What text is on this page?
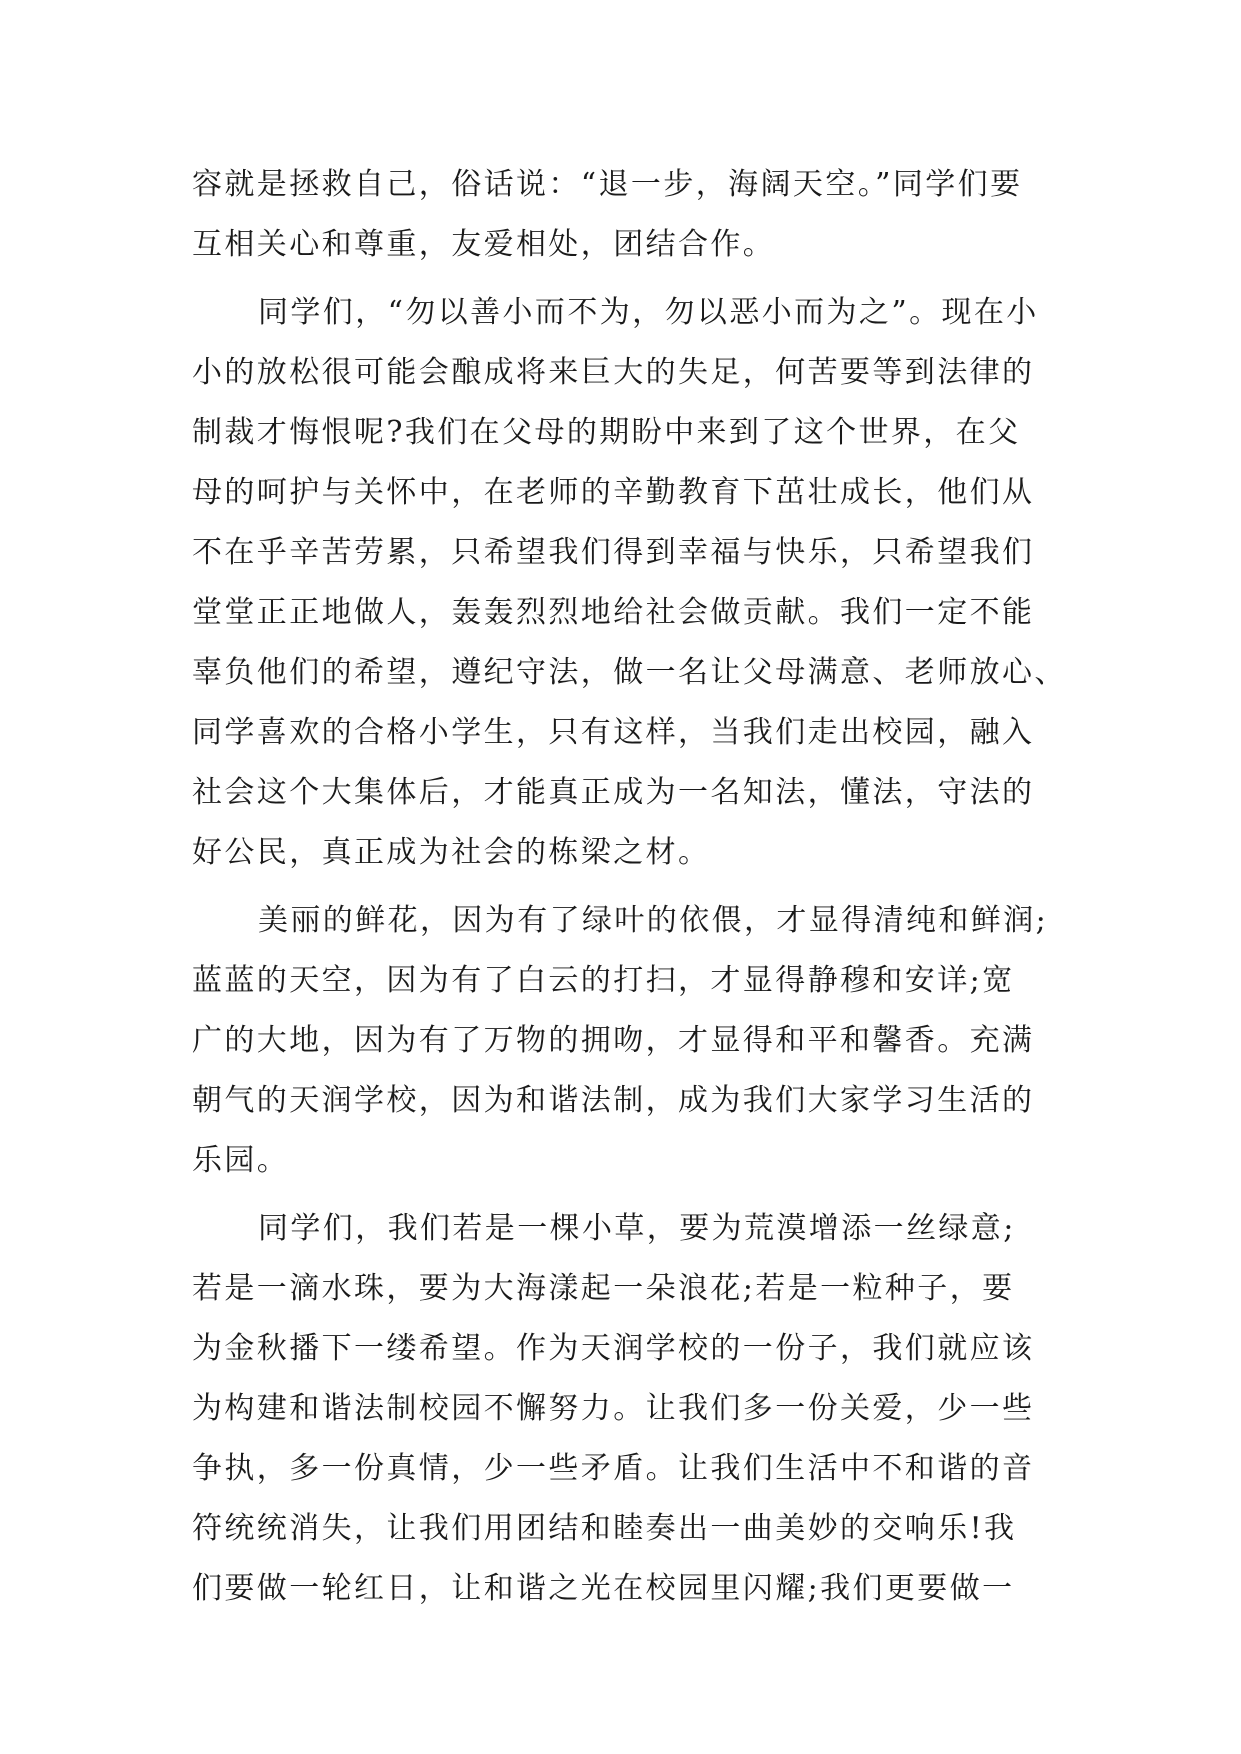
容就是拯救自己，俗话说：“退一步，海阔天空。”同学们要
互相关心和尊重，友爱相处，团结合作。
同学们，“勿以善小而不为，勿以恶小而为之”。现在小
小的放松很可能会酿成将来巨大的失足，何苦要等到法律的
制裁才悔恨呢?我们在父母的期盼中来到了这个世界，在父
母的呵护与关怀中，在老师的辛勤教育下茁壮成长，他们从
不在乎辛苦劳累，只希望我们得到幸福与快乐，只希望我们
堂堂正正地做人，轰轰烈烈地给社会做贡献。我们一定不能
辜负他们的希望，遵纪守法，做一名让父母满意、老师放心、
同学喜欢的合格小学生，只有这样，当我们走出校园，融入
社会这个大集体后，才能真正成为一名知法，懂法，守法的
好公民，真正成为社会的栋梁之材。
美丽的鲜花，因为有了绿叶的依偎，才显得清纯和鲜润;
蓝蓝的天空，因为有了白云的打扫，才显得静穆和安详;宽
广的大地，因为有了万物的拥吻，才显得和平和馨香。充满
朝气的天润学校，因为和谐法制，成为我们大家学习生活的
乐园。
同学们，我们若是一棵小草，要为荒漠增添一丝绿意;
若是一滴水珠，要为大海漾起一朵浪花;若是一粒种子，要
为金秋播下一缕希望。作为天润学校的一份子，我们就应该
为构建和谐法制校园不懈努力。让我们多一份关爱，少一些
争执，多一份真情，少一些矛盾。让我们生活中不和谐的音
符统统消失，让我们用团结和睦奏出一曲美妙的交响乐!我
们要做一轮红日，让和谐之光在校园里闪耀;我们更要做一
